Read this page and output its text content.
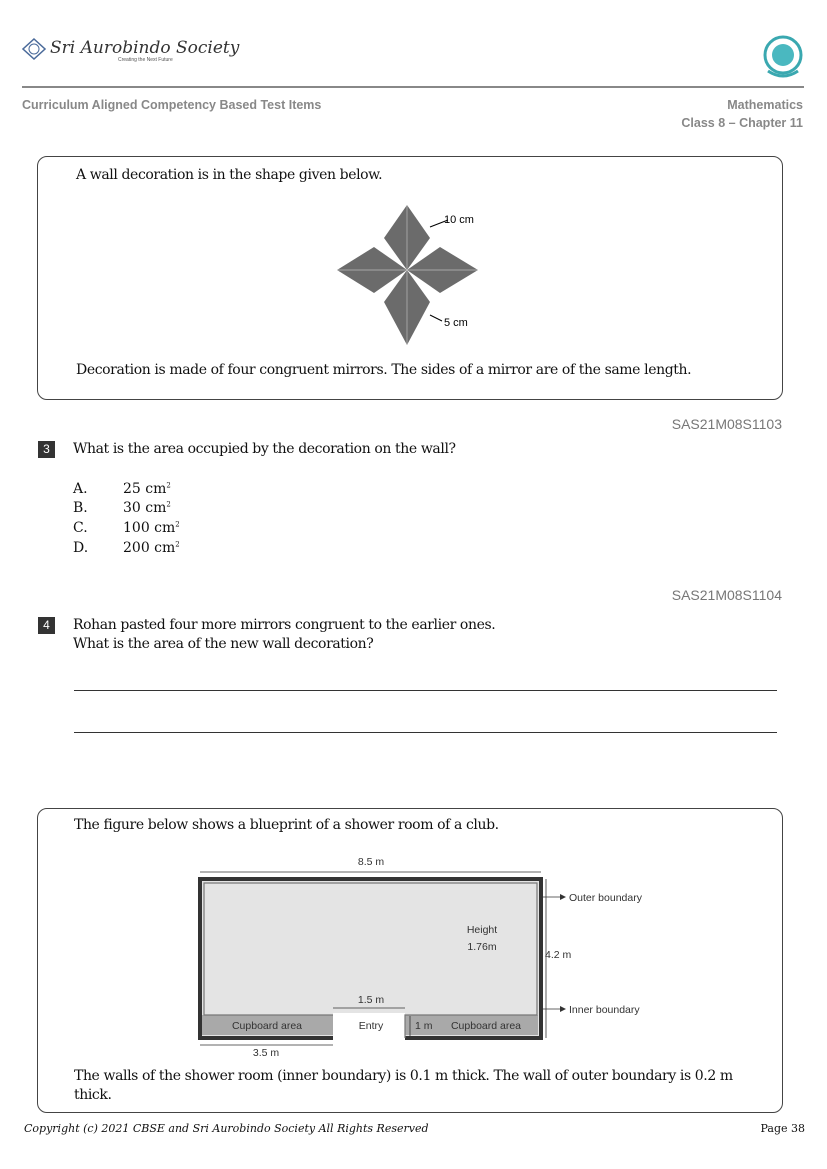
Sri Aurobindo Society
Creating the Next Future
Curriculum Aligned Competency Based Test Items	Mathematics
Class 8 – Chapter 11
A wall decoration is in the shape given below.
10 cm
5 cm
Decoration is made of four congruent mirrors. The sides of a mirror are of the same length.
SAS21M08S1103
3	What is the area occupied by the decoration on the wall?
A.	25 $cm^2$
B.	30 $cm^2$
C.	100 $cm^2$
D. 200 $cm^2$
SAS21M08S1104
4	Rohan pasted four more mirrors congruent to the earlier ones.
What is the area of the new wall decoration?
The figure below shows a blueprint of a shower room of a club.
8.5 m
Height
1.76m
4.2 m
1.5 m
Cupboard area	Entry	1 m Cupboard area
3.5 m
Outer boundary
Inner boundary
The walls of the shower room (inner boundary) is 0.1 m thick. The wall of outer boundary is 0.2 m
thick.
Copyright (c) 2021 CBSE and Sri Aurobindo Society All Rights Reserved	Page 38
